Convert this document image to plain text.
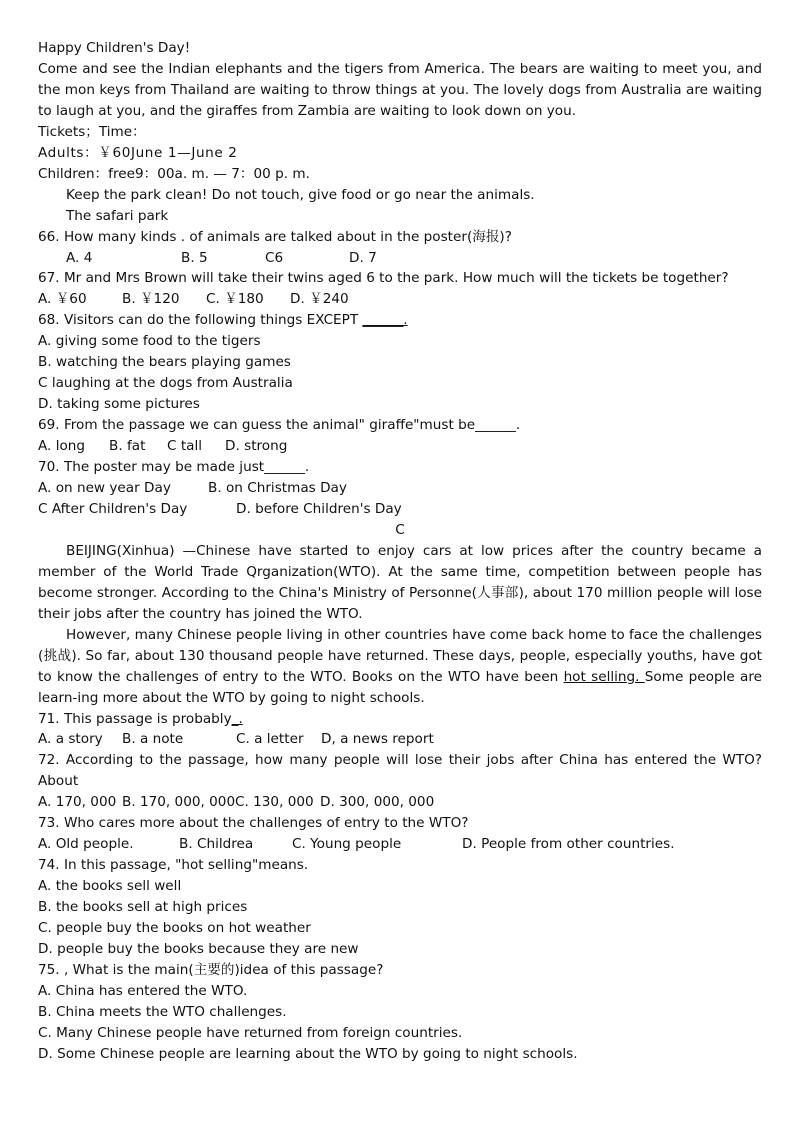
Happy Children's Day!
Come and see the Indian elephants and the tigers from America. The bears are waiting to meet you, and the mon keys from Thailand are waiting to throw things at you. The lovely dogs from Australia are waiting to laugh at you, and the giraffes from Zambia are waiting to look down on you.
Tickets；Time：
Adults：￥60June 1—June 2
Children：free9：00a. m. — 7：00 p. m.
Keep the park clean! Do not touch, give food or go near the animals.
The safari park
66. How many kinds . of animals are talked about in the poster(海报)?
A. 4	B. 5	C6	D. 7
67. Mr and Mrs Brown will take their twins aged 6 to the park. How much will the tickets be together?
A. ￥60	B. ￥120 C. ￥180 D. ￥240
68. Visitors can do the following things EXCEPT ______.
A. giving some food to the tigers
B. watching the bears playing games
C laughing at the dogs from Australia
D. taking some pictures
69. From the passage we can guess the animal" giraffe"must be______.
A. long B. fat C tall D. strong
70. The poster may be made just______.
A. on new year Day	B. on Christmas Day
C After Children's Day	D. before Children's Day
C
BEIJING(Xinhua) —Chinese have started to enjoy cars at low prices after the country became a member of the World Trade Qrganization(WTO). At the same time, competition between people has become stronger. According to the China's Ministry of Personne(人事部), about 170 million people will lose their jobs after the country has joined the WTO.
However, many Chinese people living in other countries have come back home to face the challenges (挑战). So far, about 130 thousand people have returned. These days, people, especially youths, have got to know the challenges of entry to the WTO. Books on the WTO have been hot selling. Some people are learn-ing more about the WTO by going to night schools.
71. This passage is probably_.
A. a story B. a note	C. a letter D, a news report
72. According to the passage, how many people will lose their jobs after China has entered the WTO? About
A. 170, 000 B. 170, 000, 000C. 130, 000 D. 300, 000, 000
73. Who cares more about the challenges of entry to the WTO?
A. Old people.	B. Childrea	C. Young people	D. People from other countries.
74. In this passage, "hot selling"means.
A. the books sell well
B. the books sell at high prices
C. people buy the books on hot weather
D. people buy the books because they are new
75. , What is the main(主要的)idea of this passage?
A. China has entered the WTO.
B. China meets the WTO challenges.
C. Many Chinese people have returned from foreign countries.
D. Some Chinese people are learning about the WTO by going to night schools.
